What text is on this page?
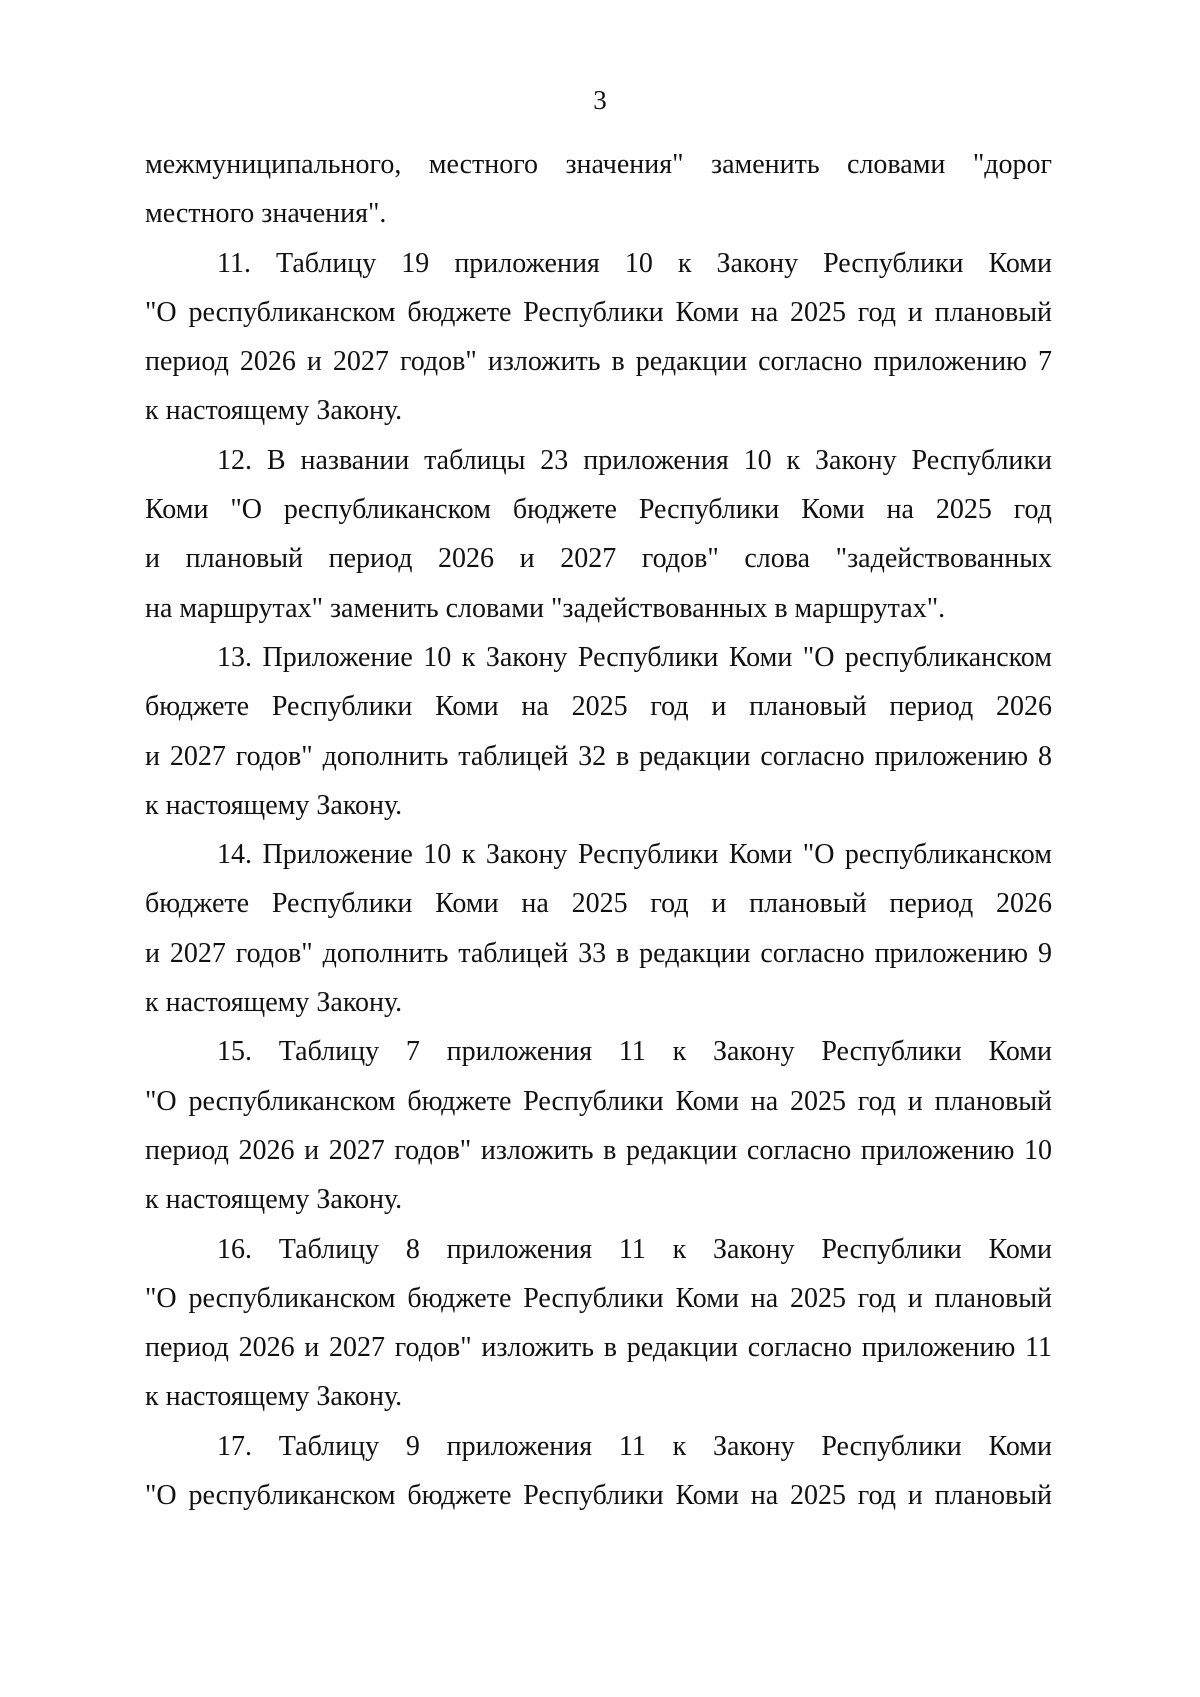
3
межмуниципального, местного значения" заменить словами "дорог
местного значения".
11. Таблицу 19 приложения 10 к Закону Республики Коми
"О республиканском бюджете Республики Коми на 2025 год и плановый
период 2026 и 2027 годов" изложить в редакции согласно приложению 7
к настоящему Закону.
12. В названии таблицы 23 приложения 10 к Закону Республики
Коми "О республиканском бюджете Республики Коми на 2025 год
и плановый период 2026 и 2027 годов" слова "задействованных
на маршрутах" заменить словами "задействованных в маршрутах".
13. Приложение 10 к Закону Республики Коми "О республиканском
бюджете Республики Коми на 2025 год и плановый период 2026
и 2027 годов" дополнить таблицей 32 в редакции согласно приложению 8
к настоящему Закону.
14. Приложение 10 к Закону Республики Коми "О республиканском
бюджете Республики Коми на 2025 год и плановый период 2026
и 2027 годов" дополнить таблицей 33 в редакции согласно приложению 9
к настоящему Закону.
15. Таблицу 7 приложения 11 к Закону Республики Коми
"О республиканском бюджете Республики Коми на 2025 год и плановый
период 2026 и 2027 годов" изложить в редакции согласно приложению 10
к настоящему Закону.
16. Таблицу 8 приложения 11 к Закону Республики Коми
"О республиканском бюджете Республики Коми на 2025 год и плановый
период 2026 и 2027 годов" изложить в редакции согласно приложению 11
к настоящему Закону.
17. Таблицу 9 приложения 11 к Закону Республики Коми
"О республиканском бюджете Республики Коми на 2025 год и плановый
